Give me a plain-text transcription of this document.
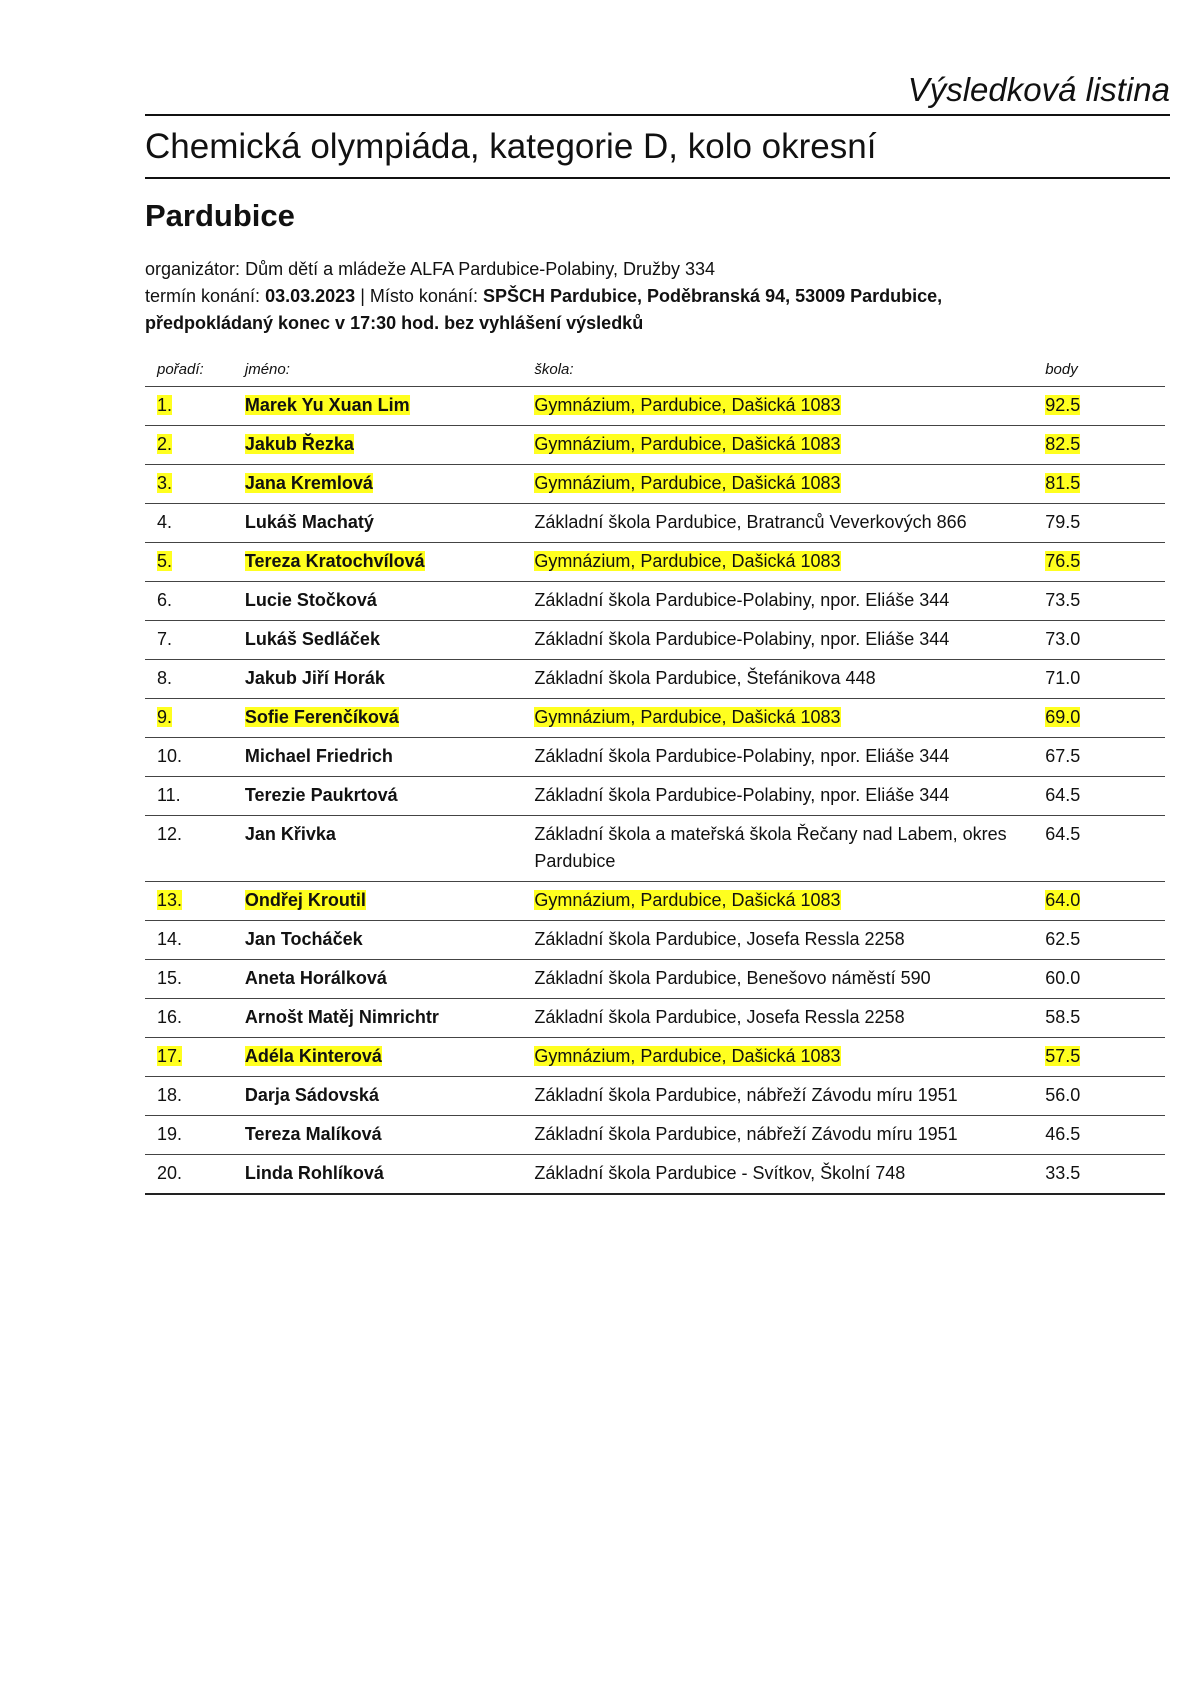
Výsledková listina

Chemická olympiáda, kategorie D, kolo okresní
Pardubice

organizátor: Dům dětí a mládeže ALFA Pardubice-Polabiny, Družby 334

termín konání: 03.03.2023 | Místo konání: SPŠCH Pardubice, Poděbranská 94, 53009 Pardubice,

předpokládaný konec v 17:30 hod. bez vyhlášení výsledků

pořadí:	jméno:	škola:	body
1.	Marek Yu Xuan Lim	Gymnázium, Pardubice, Dašická 1083	92.5
2.	Jakub Řezka	Gymnázium, Pardubice, Dašická 1083	82.5
3.	Jana Kremlová	Gymnázium, Pardubice, Dašická 1083	81.5
4.	Lukáš Machatý	Základní škola Pardubice, Bratranců Veverkových 866	79.5
5.	Tereza Kratochvílová	Gymnázium, Pardubice, Dašická 1083	76.5
6.	Lucie Stočková	Základní škola Pardubice-Polabiny, npor. Eliáše 344	73.5
7.	Lukáš Sedláček	Základní škola Pardubice-Polabiny, npor. Eliáše 344	73.0
8.	Jakub Jiří Horák	Základní škola Pardubice, Štefánikova 448	71.0
9.	Sofie Ferenčíková	Gymnázium, Pardubice, Dašická 1083	69.0
10.	Michael Friedrich	Základní škola Pardubice-Polabiny, npor. Eliáše 344	67.5
11.	Terezie Paukrtová	Základní škola Pardubice-Polabiny, npor. Eliáše 344	64.5
12.	Jan Křivka	Základní škola a mateřská škola Řečany nad Labem, okres Pardubice	64.5
13.	Ondřej Kroutil	Gymnázium, Pardubice, Dašická 1083	64.0
14.	Jan Tocháček	Základní škola Pardubice, Josefa Ressla 2258	62.5
15.	Aneta Horálková	Základní škola Pardubice, Benešovo náměstí 590	60.0
16.	Arnošt Matěj Nimrichtr	Základní škola Pardubice, Josefa Ressla 2258	58.5
17.	Adéla Kinterová	Gymnázium, Pardubice, Dašická 1083	57.5
18.	Darja Sádovská	Základní škola Pardubice, nábřeží Závodu míru 1951	56.0
19.	Tereza Malíková	Základní škola Pardubice, nábřeží Závodu míru 1951	46.5
20.	Linda Rohlíková	Základní škola Pardubice - Svítkov, Školní 748	33.5
